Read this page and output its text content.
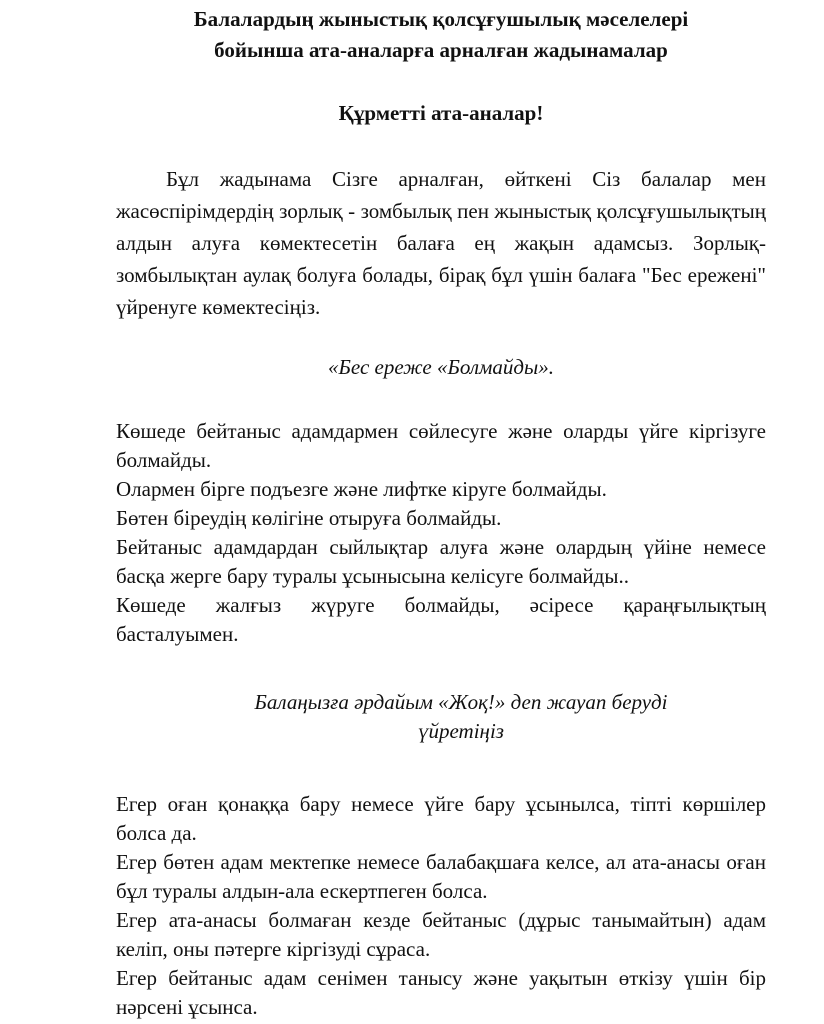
Балалардың жыныстық қолсұғушылық мәселелері
бойынша ата-аналарға арналған жадынамалар

Құрметті ата-аналар!

Бұл жадынама Сізге арналған, өйткені Сіз балалар мен жасөспірімдердің зорлық - зомбылық пен жыныстық қолсұғушылықтың алдын алуға көмектесетін балаға ең жақын адамсыз. Зорлық-зомбылықтан аулақ болуға болады, бірақ бұл үшін балаға "Бес ережені" үйренуге көмектесіңіз.

«Бес ереже «Болмайды».

Көшеде бейтаныс адамдармен сөйлесуге және оларды үйге кіргізуге болмайды.
Олармен бірге подъезге және лифтке кіруге болмайды.
Бөтен біреудің көлігіне отыруға болмайды.
Бейтаныс адамдардан сыйлықтар алуға және олардың үйіне немесе басқа жерге бару туралы ұсынысына келісуге болмайды..
Көшеде жалғыз жүруге болмайды, әсіресе қараңғылықтың басталуымен.
Балаңызға әрдайым «Жоқ!» деп жауап беруді
үйретіңіз
Егер оған қонаққа бару немесе үйге бару ұсынылса, тіпті көршілер болса да.
Егер бөтен адам мектепке немесе балабақшаға келсе, ал ата-анасы оған бұл туралы алдын-ала ескертпеген болса.
Егер ата-анасы болмаған кезде бейтаныс (дұрыс танымайтын) адам келіп, оны пәтерге кіргізуді сұраса.
Егер бейтаныс адам сенімен танысу және уақытын өткізу үшін бір нәрсені ұсынса.
